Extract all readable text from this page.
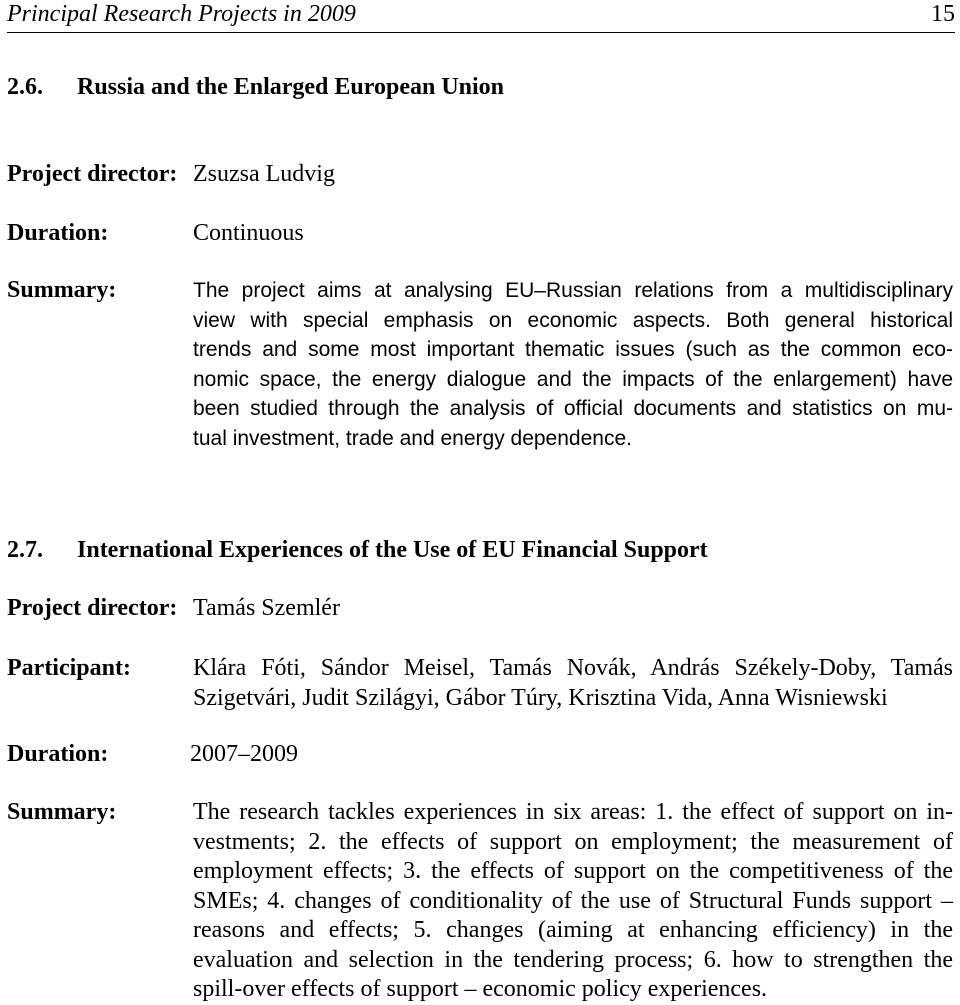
Principal Research Projects in 2009	15
2.6. Russia and the Enlarged European Union
Project director: Zsuzsa Ludvig
Duration:	Continuous
Summary:	The project aims at analysing EU–Russian relations from a multidisciplinary
view with special emphasis on economic aspects. Both general historical
trends and some most important thematic issues (such as the common eco-
nomic space, the energy dialogue and the impacts of the enlargement) have
been studied through the analysis of official documents and statistics on mu-
tual investment, trade and energy dependence.
2.7. International Experiences of the Use of EU Financial Support
Project director: Tamás Szemlér
Participant:	Klára Fóti, Sándor Meisel, Tamás Novák, András Székely-Doby, Tamás
Szigetvári, Judit Szilágyi, Gábor Túry, Krisztina Vida, Anna Wisniewski
Duration:	2007–2009
Summary:	The research tackles experiences in six areas: 1. the effect of support on in-
vestments; 2. the effects of support on employment; the measurement of
employment effects; 3. the effects of support on the competitiveness of the
SMEs; 4. changes of conditionality of the use of Structural Funds support –
reasons and effects; 5. changes (aiming at enhancing efficiency) in the
evaluation and selection in the tendering process; 6. how to strengthen the
spill-over effects of support – economic policy experiences.
